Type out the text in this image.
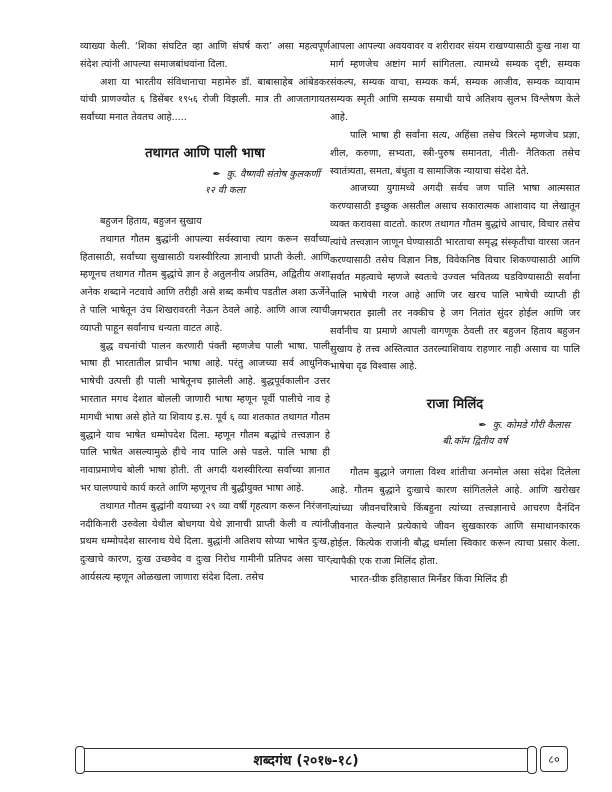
व्याख्या केली. ‘शिका संघटित व्हा आणि संघर्ष करा’ असा महत्वपूर्ण संदेश त्यांनी आपल्या समाजबांधवांना दिला.

अशा या भारतीय संविधानाचा महामेरु डॉ. बाबासाहेब आंबेडकर यांची प्राणज्योत ६ डिसेंबर १९५६ रोजी विझली. मात्र ती आजतागायत सर्वांच्या मनात तेवतच आहे.....

तथागत आणि पाली भाषा
✒ कु. वैष्णवी संतोष कुलकर्णी
१२ वी कला

बहुजन हिताय, बहुजन सुखाय

तथागत गौतम बुद्धांनी आपल्या सर्वस्वाचा त्याग करून सर्वांच्या हितासाठी, सर्वांच्या सुखासाठी यशस्वीरित्या ज्ञानाची प्राप्ती केली. आणि म्हणूनच तथागत गौतम बुद्धांचे ज्ञान हे अतुलनीय अप्रतिम, अद्वितीय अशा अनेक शब्दाने नटवावे आणि तरीही असे शब्द कमीच पडतील अशा ऊर्जेने ते पालि भाषेतून उंच शिखरावरती नेऊन ठेवले आहे. आणि आज त्याची व्याप्ती पाहून सर्वांनाच धन्यता वाटत आहे.

बुद्ध वचनांची पालन करणारी पंक्ती म्हणजेच पाली भाषा. पाली भाषा ही भारतातील प्राचीन भाषा आहे. परंतु आजच्या सर्व आधुनिक भाषेची उत्पत्ती ही पाली भाषेतूनच झालेली आहे. बुद्धपूर्वकालीन उत्तर भारतात मगध देशात बोलली जाणारी भाषा म्हणून पूर्वी पालीचे नाव हे मागधी भाषा असे होते या शिवाय इ.स. पूर्व ६ व्या शतकात तथागत गौतम बुद्धाने याच भाषेत धम्मोपदेश दिला. म्हणून गौतम बद्धांचे तत्त्वज्ञान हे पालि भाषेत असल्यामुळे हीचे नाव पालि असे पडले. पालि भाषा ही नावाप्रमाणेच बोली भाषा होती. ती अगदी यशस्वीरित्या सर्वांच्या ज्ञानात भर घालण्याचे कार्य करते आणि म्हणूनच ती बुद्धीयुक्त भाषा आहे.

तथागत गौतम बुद्धांनी वयाच्या २९ व्या वर्षी गृहत्याग करून निरंजना नदीकिनारी उरुवेला येथील बोधगया येथे ज्ञानाची प्राप्ती केली व त्यांनी प्रथम धम्मोपदेश सारनाथ येथे दिला. बुद्धांनी अतिशय सोप्या भाषेत दुःख, दुःखाचे कारण, दुःख उच्छवेद व दुःख निरोध गामीनी प्रतिपद असा चार आर्यसत्य म्हणून ओळखला जाणारा संदेश दिला. तसेच

आपला आपल्या अवयवावर व शरीरावर संयम राखण्यासाठी दुःख नाश या मार्ग म्हणजेच अष्टांग मार्ग सांगितला. त्यामध्ये सम्यक दृष्टी, सम्यक संकल्प, सम्यक वाचा, सम्यक कर्म, सम्यक आजीव, सम्यक व्यायाम सम्यक स्मृती आणि सम्यक समाधी याचे अतिशय सुलभ विश्लेषण केले आहे.

पालि भाषा ही सर्वांना सत्य, अहिंसा तसेच त्रिरत्ने म्हणजेच प्रज्ञा, शील, करुणा, सभ्यता, स्त्री-पुरुष समानता, नीती- नैतिकता तसेच स्वातंत्र्यता, समता, बंधुता व सामाजिक न्यायाचा संदेश देते.

आजच्या युगामध्ये अगदी सर्वच जण पालि भाषा आत्मसात करण्यासाठी इच्छुक असतील असाच सकारात्मक आशावाद या लेखातून व्यक्त करावसा वाटतो. कारण तथागत गौतम बुद्धांचे आचार, विचार तसेच त्यांचे तत्त्वज्ञान जाणून घेण्यासाठी भारताचा समृद्ध संस्कृतीचा वारसा जतन करण्यासाठी तसेच विज्ञान निष्ठ, विवेकनिष्ठ विचार शिकण्यासाठी आणि सर्वात महत्वाचे म्हणजे स्वतःचे उज्वल भवितव्य घडविण्यासाठी सर्वांना पालि भाषेची गरज आहे आणि जर खरच पालि भाषेची व्याप्ती ही जगभरात झाली तर नक्कीच हे जग नितांत सुंदर होईल आणि जर सर्वांनीच या प्रमाणे आपली वागणूक ठेवली तर बहुजन हिताय बहुजन सुखाय हे तत्त्व अस्तित्वात उतरल्याशिवाय राहणार नाही असाच या पालि भाषेचा दृढ विश्वास आहे.

राजा मिलिंद
✒ कु. कोमडे गौरी कैलास
बी.कॉम द्वितीय वर्ष

गौतम बुद्धाने जगाला विश्व शांतीचा अनमोल असा संदेश दिलेला आहे. गौतम बुद्धाने दुःखाचे कारण सांगितलेले आहे. आणि खरोखर त्यांच्या जीवनचरित्राचे किंबहुना त्यांच्या तत्त्वज्ञानाचे आचरण दैनंदिन जीवनात केल्याने प्रत्येकाचे जीवन सुखकारक आणि समाधानकारक होईल. कित्येक राजांनी बौद्ध धर्माला स्विकार करून त्याचा प्रसार केला. त्यापैकी एक राजा मिलिंद होता.

भारत-ग्रीक इतिहासात मिनँडर किंवा मिलिंद ही

शब्दगंध (२०१७-१८)	८०
